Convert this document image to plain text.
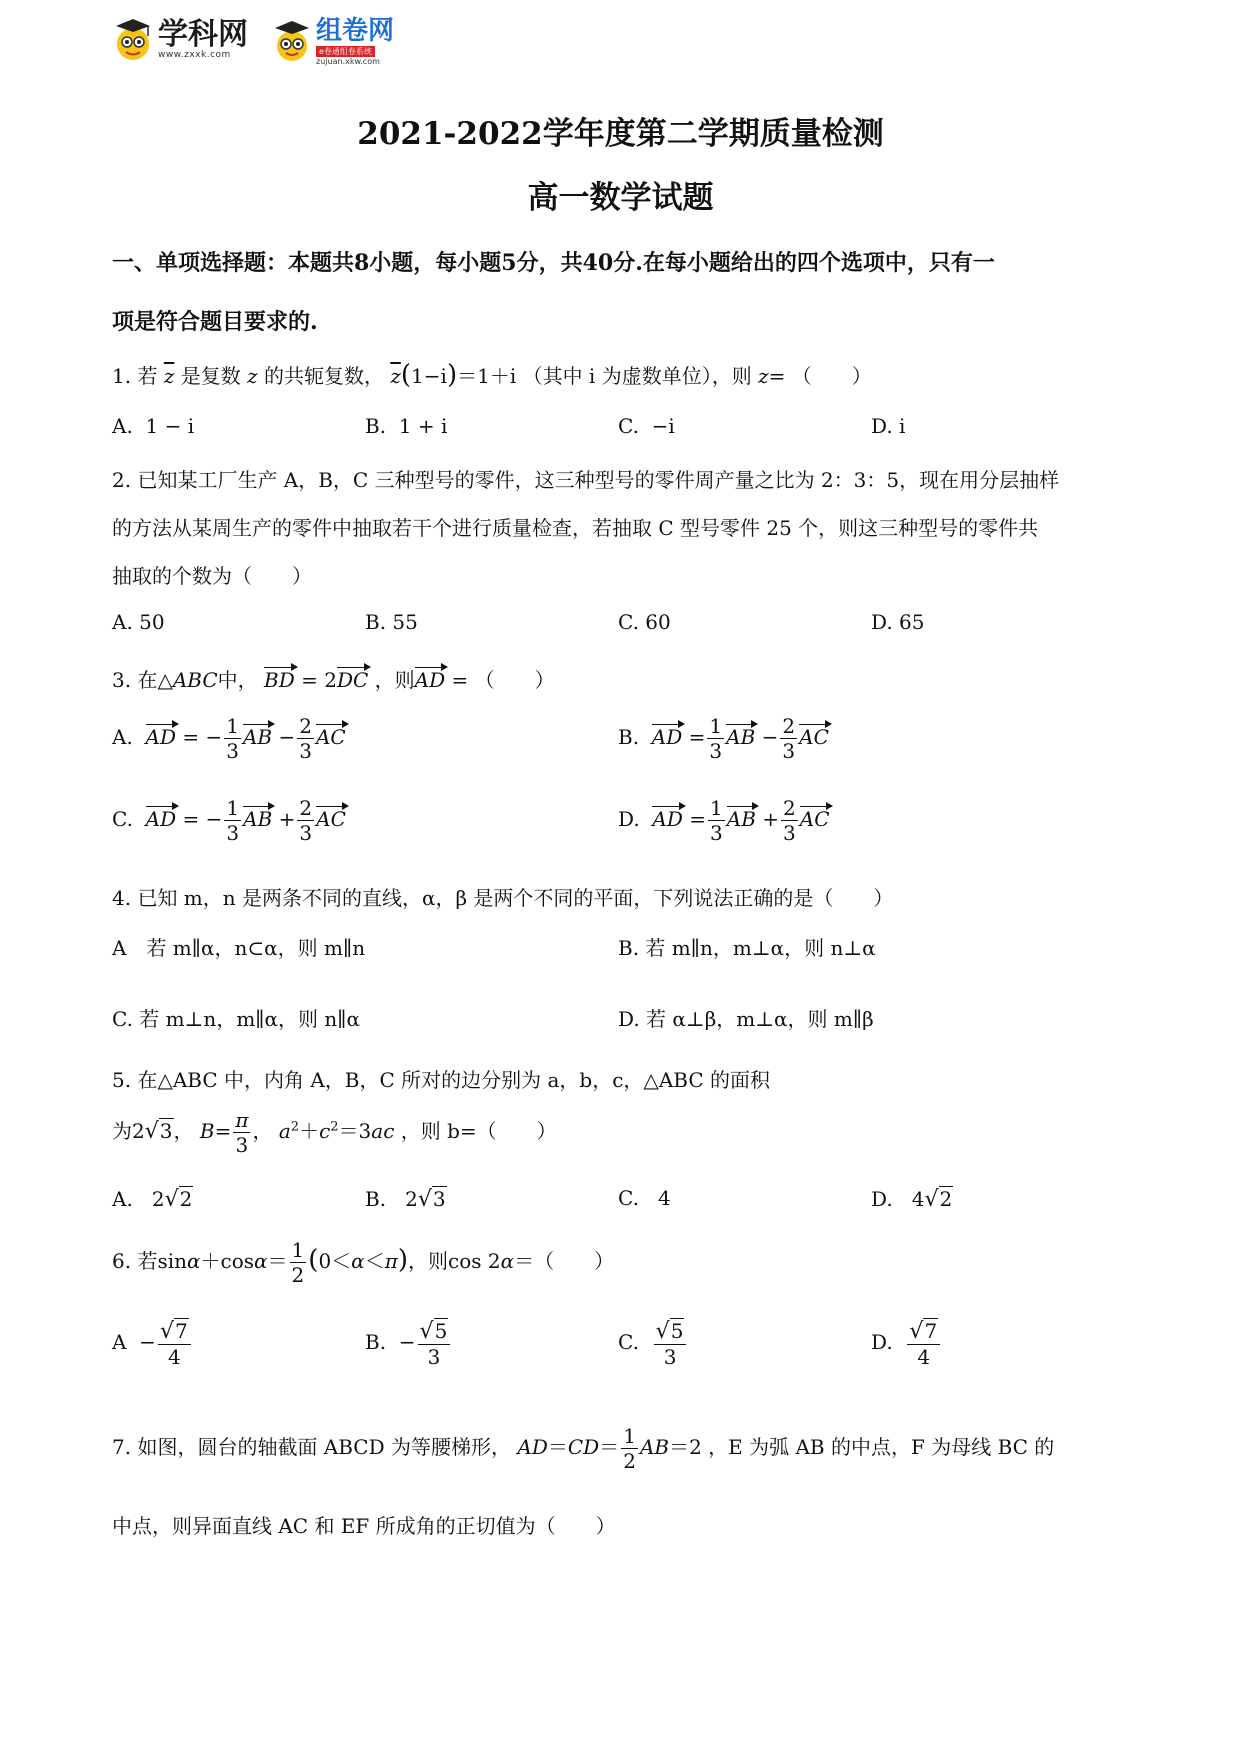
学科网
www.zxxk.com
组卷网
e卷通组卷系统
zujuan.xkw.com
2021-2022学年度第二学期质量检测
高一数学试题
一、单项选择题：本题共8小题，每小题5分，共40分.在每小题给出的四个选项中，只有一
项是符合题目要求的.
1. 若 $\overline{z}$ 是复数 z 的共轭复数， $\overline{z}(1-i)=1+i$ （其中 i 为虚数单位），则 z= （　　）
A. 1 − i	B. 1 + i	C. −i	D. i
2. 已知某工厂生产 A，B，C 三种型号的零件，这三种型号的零件周产量之比为 2：3：5，现在用分层抽样
的方法从某周生产的零件中抽取若干个进行质量检查，若抽取 C 型号零件 25 个，则这三种型号的零件共
抽取的个数为（　　）
A. 50	B. 55	C. 60	D. 65
3. 在△ABC中， BD = 2DC ，则AD = （　　）
A. AD = − $\frac{1}{3}$ AB − $\frac{2}{3}$ AC	B. AD = $\frac{1}{3}$ AB − $\frac{2}{3}$ AC
C. AD = − $\frac{1}{3}$ AB + $\frac{2}{3}$ AC	D. AD = $\frac{1}{3}$ AB + $\frac{2}{3}$ AC
4. 已知 m，n 是两条不同的直线，α，β 是两个不同的平面，下列说法正确的是（　　）
A　若 m∥α，n⊂α，则 m∥n	B. 若 m∥n，m⊥α，则 n⊥α
C. 若 m⊥n，m∥α，则 n∥α	D. 若 α⊥β，m⊥α，则 m∥β
5. 在△ABC 中，内角 A，B，C 所对的边分别为 a，b，c，△ABC 的面积
为2√3， $B= \frac{\pi}{3}$ ， $a^2+c^2=3ac$ ，则 b=（　　）
A.   2√2	B.   2√3	C. 4	D.   4√2
6. 若$\sin\alpha+\cos\alpha= \frac{1}{2} (0<\alpha<\pi)$，则cos 2α＝（　　）
$A - \frac{√7}{4}$	B.  − $\frac{√5}{3}$	C. $\frac{√5}{3}$	D. $\frac{√7}{4}$
7. 如图，圆台的轴截面 ABCD 为等腰梯形， $AD=CD= \frac{1}{2} AB=2$ ，E 为弧 AB 的中点，F 为母线 BC 的
中点，则异面直线 AC 和 EF 所成角的正切值为（　　）
